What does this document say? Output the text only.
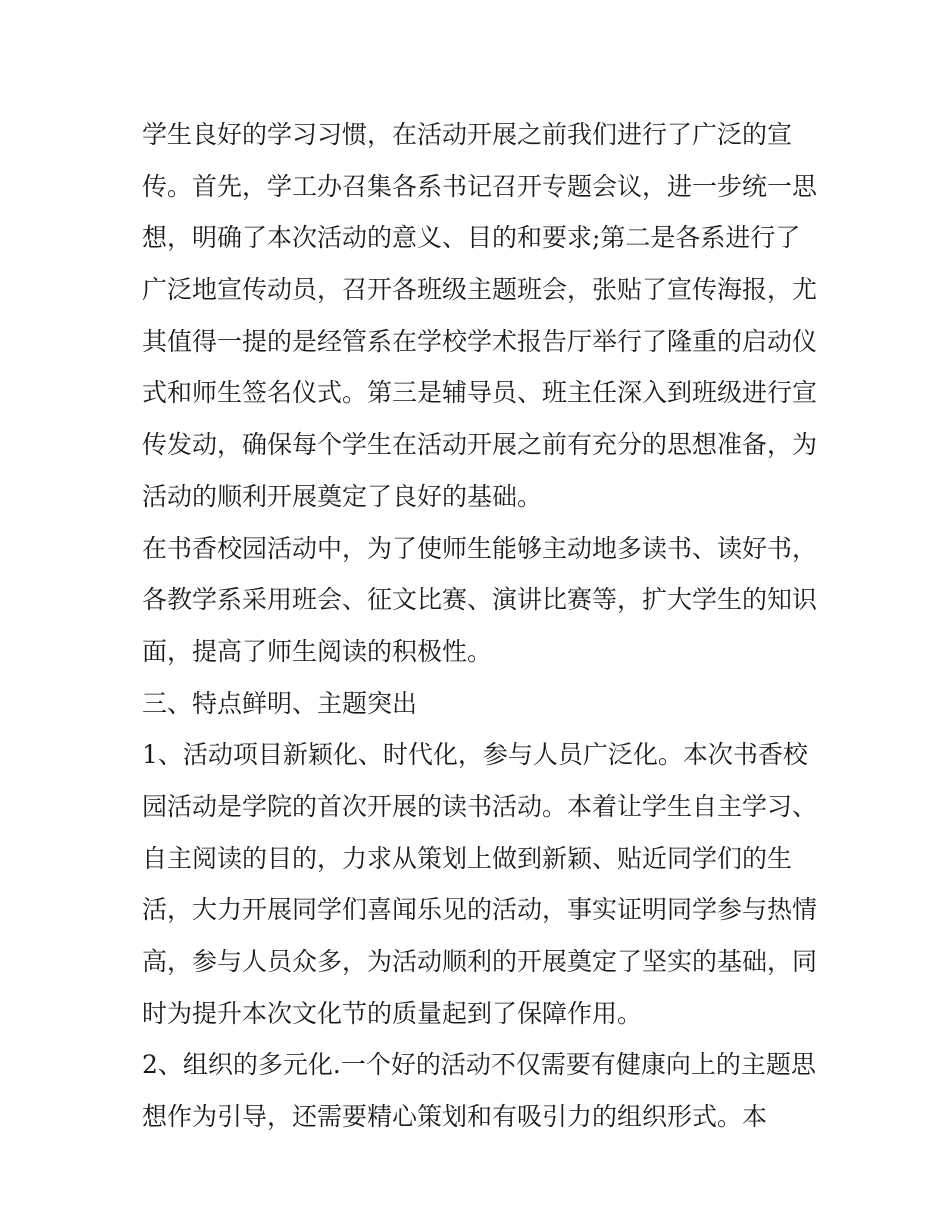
学生良好的学习习惯，在活动开展之前我们进行了广泛的宣
传。首先，学工办召集各系书记召开专题会议，进一步统一思
想，明确了本次活动的意义、目的和要求;第二是各系进行了
广泛地宣传动员，召开各班级主题班会，张贴了宣传海报，尤
其值得一提的是经管系在学校学术报告厅举行了隆重的启动仪
式和师生签名仪式。第三是辅导员、班主任深入到班级进行宣
传发动，确保每个学生在活动开展之前有充分的思想准备，为
活动的顺利开展奠定了良好的基础。
在书香校园活动中，为了使师生能够主动地多读书、读好书，
各教学系采用班会、征文比赛、演讲比赛等，扩大学生的知识
面，提高了师生阅读的积极性。
三、特点鲜明、主题突出
1、活动项目新颖化、时代化，参与人员广泛化。本次书香校
园活动是学院的首次开展的读书活动。本着让学生自主学习、
自主阅读的目的，力求从策划上做到新颖、贴近同学们的生
活，大力开展同学们喜闻乐见的活动，事实证明同学参与热情
高，参与人员众多，为活动顺利的开展奠定了坚实的基础，同
时为提升本次文化节的质量起到了保障作用。
2、组织的多元化.一个好的活动不仅需要有健康向上的主题思
想作为引导，还需要精心策划和有吸引力的组织形式。本
